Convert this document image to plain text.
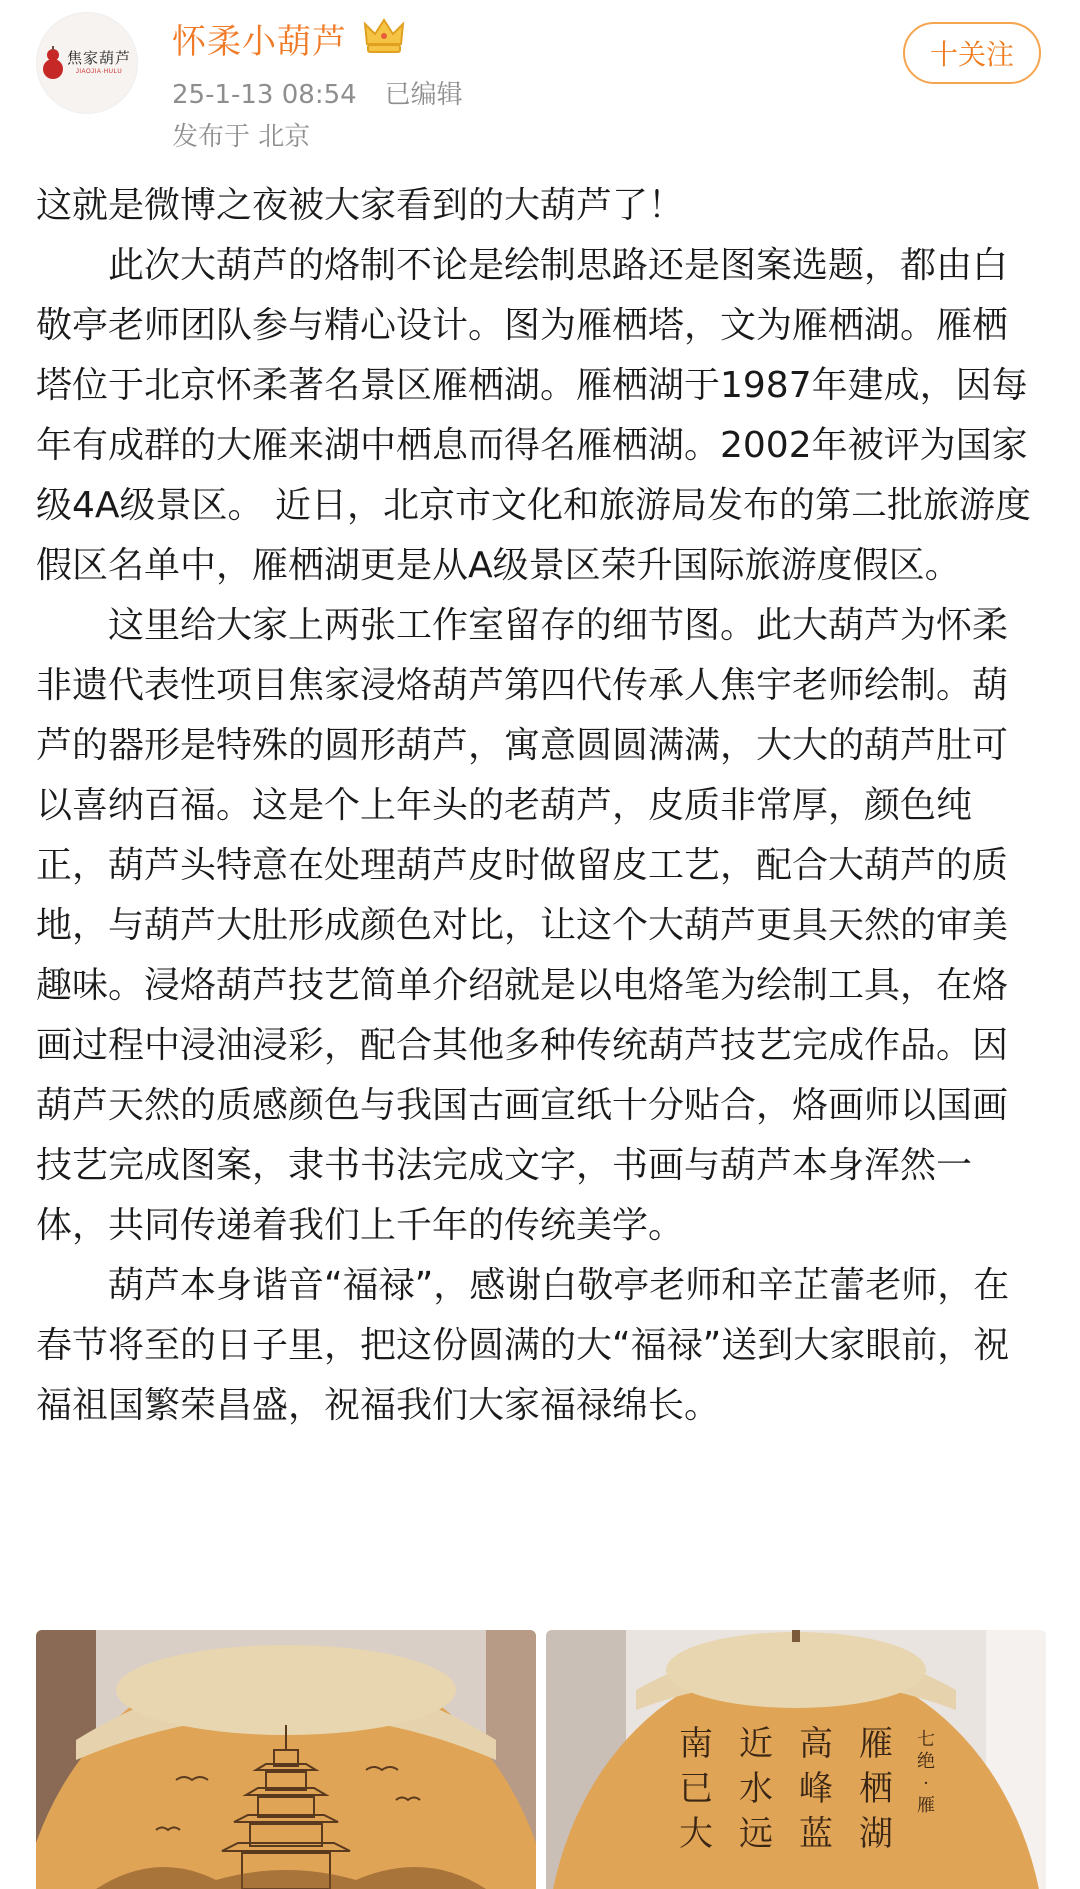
焦家葫芦
JIAOJIA·HULU
怀柔小葫芦
25-1-13 08:54 已编辑
发布于 北京
十关注

这就是微博之夜被大家看到的大葫芦了！

此次大葫芦的烙制不论是绘制思路还是图案选题，都由白敬亭老师团队参与精心设计。图为雁栖塔，文为雁栖湖。雁栖塔位于北京怀柔著名景区雁栖湖。雁栖湖于1987年建成，因每年有成群的大雁来湖中栖息而得名雁栖湖。2002年被评为国家级4A级景区。 近日，北京市文化和旅游局发布的第二批旅游度假区名单中，雁栖湖更是从A级景区荣升国际旅游度假区。

这里给大家上两张工作室留存的细节图。此大葫芦为怀柔非遗代表性项目焦家浸烙葫芦第四代传承人焦宇老师绘制。葫芦的器形是特殊的圆形葫芦，寓意圆圆满满，大大的葫芦肚可以喜纳百福。这是个上年头的老葫芦，皮质非常厚，颜色纯正，葫芦头特意在处理葫芦皮时做留皮工艺，配合大葫芦的质地，与葫芦大肚形成颜色对比，让这个大葫芦更具天然的审美趣味。浸烙葫芦技艺简单介绍就是以电烙笔为绘制工具，在烙画过程中浸油浸彩，配合其他多种传统葫芦技艺完成作品。因葫芦天然的质感颜色与我国古画宣纸十分贴合，烙画师以国画技艺完成图案，隶书书法完成文字，书画与葫芦本身浑然一体，共同传递着我们上千年的传统美学。

葫芦本身谐音“福禄”，感谢白敬亭老师和辛芷蕾老师，在春节将至的日子里，把这份圆满的大“福禄”送到大家眼前，祝福祖国繁荣昌盛，祝福我们大家福禄绵长。

雁
栖
湖
高
峰
蓝
近
水
远
南
已
大
七
绝
·
雁
